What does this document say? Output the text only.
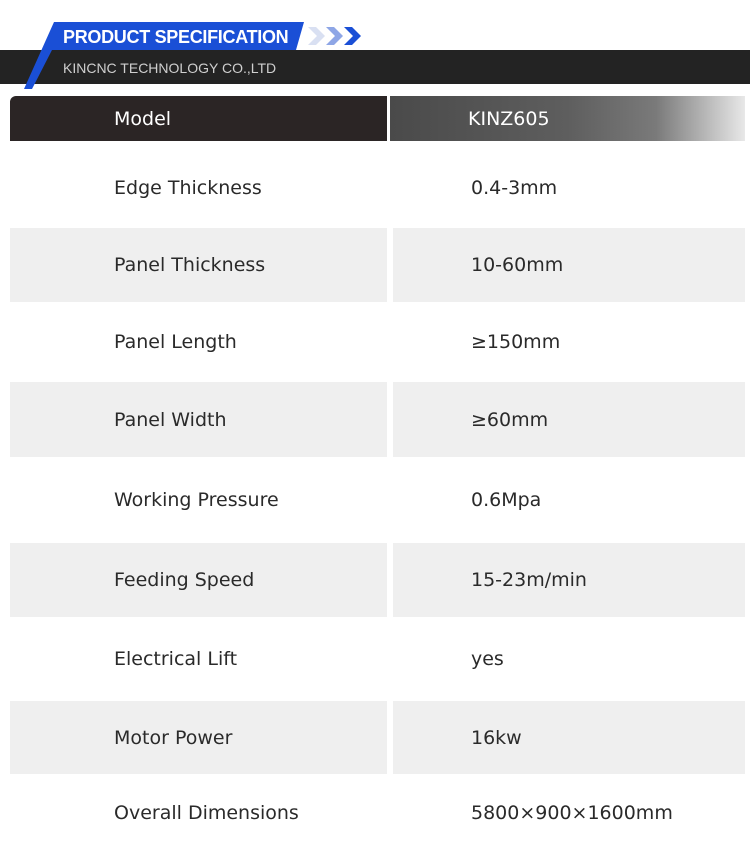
PRODUCT SPECIFICATION
KINCNC TECHNOLOGY CO.,LTD
Model	KINZ605
Edge Thickness	0.4-3mm
Panel Thickness	10-60mm
Panel Length	≥150mm
Panel Width	≥60mm
Working Pressure	0.6Mpa
Feeding Speed	15-23m/min
Electrical Lift	yes
Motor Power	16kw
Overall Dimensions	5800×900×1600mm
